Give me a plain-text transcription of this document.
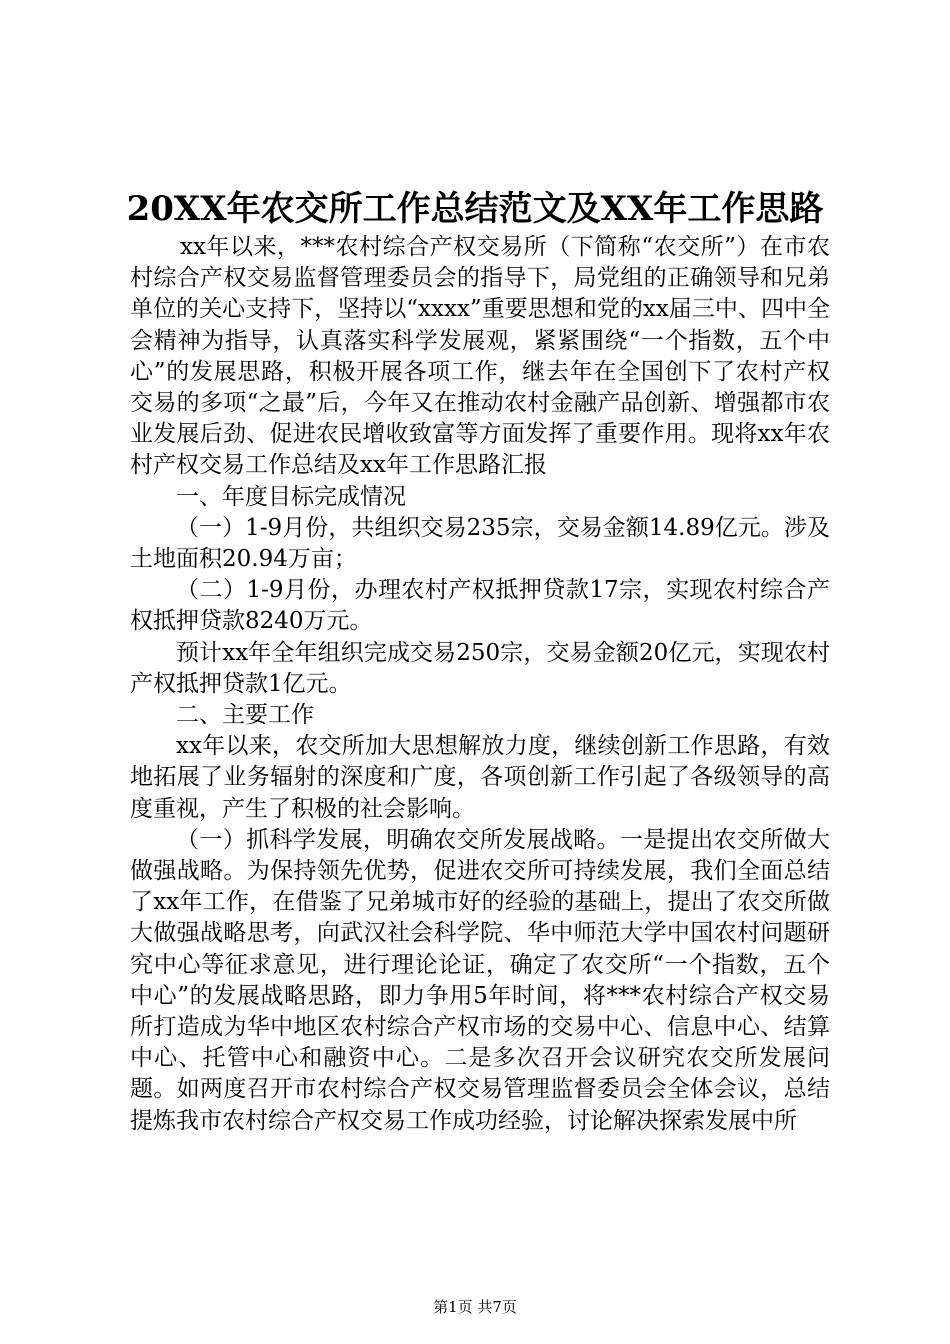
20XX年农交所工作总结范文及XX年工作思路

xx年以来，***农村综合产权交易所（下简称“农交所”）在市农村综合产权交易监督管理委员会的指导下，局党组的正确领导和兄弟单位的关心支持下，坚持以“xxxx”重要思想和党的xx届三中、四中全会精神为指导，认真落实科学发展观，紧紧围绕“一个指数，五个中心”的发展思路，积极开展各项工作，继去年在全国创下了农村产权交易的多项“之最”后，今年又在推动农村金融产品创新、增强都市农业发展后劲、促进农民增收致富等方面发挥了重要作用。现将xx年农村产权交易工作总结及xx年工作思路汇报

一、年度目标完成情况

（一）1-9月份，共组织交易235宗，交易金额14.89亿元。涉及土地面积20.94万亩；

（二）1-9月份，办理农村产权抵押贷款17宗，实现农村综合产权抵押贷款8240万元。

预计xx年全年组织完成交易250宗，交易金额20亿元，实现农村产权抵押贷款1亿元。

二、主要工作

xx年以来，农交所加大思想解放力度，继续创新工作思路，有效地拓展了业务辐射的深度和广度，各项创新工作引起了各级领导的高度重视，产生了积极的社会影响。

（一）抓科学发展，明确农交所发展战略。一是提出农交所做大做强战略。为保持领先优势，促进农交所可持续发展，我们全面总结了xx年工作，在借鉴了兄弟城市好的经验的基础上，提出了农交所做大做强战略思考，向武汉社会科学院、华中师范大学中国农村问题研究中心等征求意见，进行理论论证，确定了农交所“一个指数，五个中心”的发展战略思路，即力争用5年时间，将***农村综合产权交易所打造成为华中地区农村综合产权市场的交易中心、信息中心、结算中心、托管中心和融资中心。二是多次召开会议研究农交所发展问题。如两度召开市农村综合产权交易管理监督委员会全体会议，总结提炼我市农村综合产权交易工作成功经验，讨论解决探索发展中所

第1页 共7页
